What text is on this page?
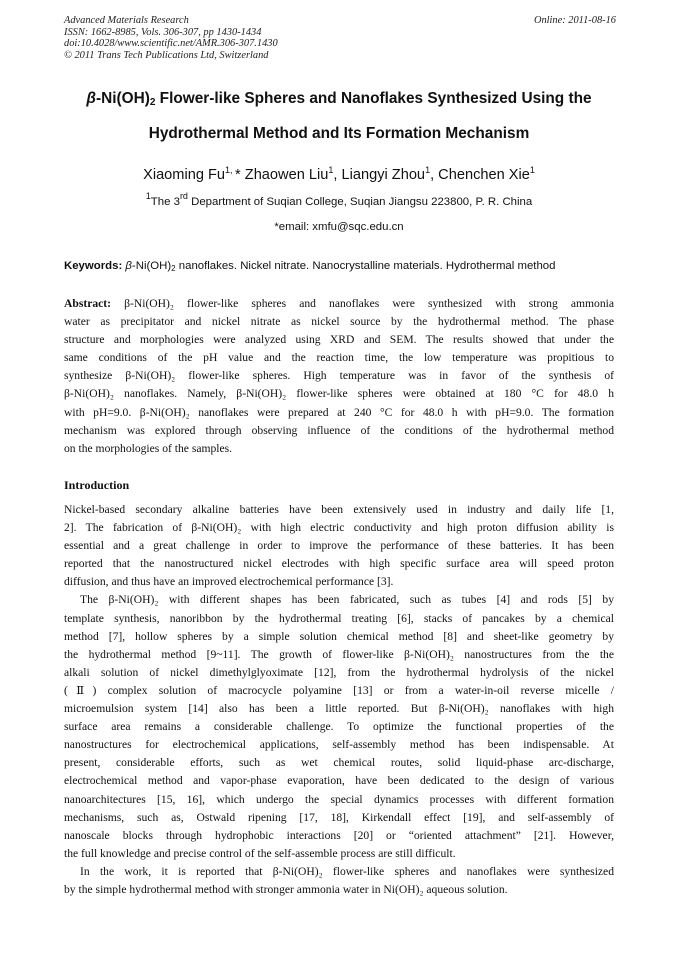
Advanced Materials Research
ISSN: 1662-8985, Vols. 306-307, pp 1430-1434
doi:10.4028/www.scientific.net/AMR.306-307.1430
© 2011 Trans Tech Publications Ltd, Switzerland
Online: 2011-08-16
$\beta-Ni(OH)_2$ Flower-like Spheres and Nanoflakes Synthesized Using the
Hydrothermal Method and Its Formation Mechanism
Xiaoming $Fu^{1,}$ * Zhaowen Liu$^1$, Liangyi Zhou$^1$, Chenchen Xie$^1$
$^1$The 3rd Department of Suqian College, Suqian Jiangsu 223800, P. R. China
*email: xmfu@sqc.edu.cn
Keywords: $\beta-Ni(OH)_2$ nanoflakes. Nickel nitrate. Nanocrystalline materials. Hydrothermal method
Abstract: β-Ni(OH)₂ flower-like spheres and nanoflakes were synthesized with strong ammonia
water as precipitator and nickel nitrate as nickel source by the hydrothermal method. The phase
structure and morphologies were analyzed using XRD and SEM. The results showed that under the
same conditions of the pH value and the reaction time, the low temperature was propitious to
synthesize β-Ni(OH)₂ flower-like spheres. High temperature was in favor of the synthesis of
β-Ni(OH)₂ nanoflakes. Namely, β-Ni(OH)₂ flower-like spheres were obtained at 180 °C for 48.0 h
with pH=9.0. β-Ni(OH)₂ nanoflakes were prepared at 240 °C for 48.0 h with pH=9.0. The formation
mechanism was explored through observing influence of the conditions of the hydrothermal method
on the morphologies of the samples.
Introduction
Nickel-based secondary alkaline batteries have been extensively used in industry and daily life [1,
2]. The fabrication of β-Ni(OH)₂ with high electric conductivity and high proton diffusion ability is
essential and a great challenge in order to improve the performance of these batteries. It has been
reported that the nanostructured nickel electrodes with high specific surface area will speed proton
diffusion, and thus have an improved electrochemical performance [3].
The β-Ni(OH)₂ with different shapes has been fabricated, such as tubes [4] and rods [5] by
template synthesis, nanoribbon by the hydrothermal treating [6], stacks of pancakes by a chemical
method [7], hollow spheres by a simple solution chemical method [8] and sheet-like geometry by
the hydrothermal method [9~11]. The growth of flower-like β-Ni(OH)₂ nanostructures from the the
alkali solution of nickel dimethylglyoximate [12], from the hydrothermal hydrolysis of the nickel
(Ⅱ) complex solution of macrocycle polyamine [13] or from a water-in-oil reverse micelle /
microemulsion system [14] also has been a little reported. But β-Ni(OH)₂ nanoflakes with high
surface area remains a considerable challenge. To optimize the functional properties of the
nanostructures for electrochemical applications, self-assembly method has been indispensable. At
present, considerable efforts, such as wet chemical routes, solid liquid-phase arc-discharge,
electrochemical method and vapor-phase evaporation, have been dedicated to the design of various
nanoarchitectures [15, 16], which undergo the special dynamics processes with different formation
mechanisms, such as, Ostwald ripening [17, 18], Kirkendall effect [19], and self-assembly of
nanoscale blocks through hydrophobic interactions [20] or “oriented attachment” [21]. However,
the full knowledge and precise control of the self-assemble process are still difficult.
In the work, it is reported that β-Ni(OH)₂ flower-like spheres and nanoflakes were synthesized
by the simple hydrothermal method with stronger ammonia water in Ni(OH)₂ aqueous solution.
